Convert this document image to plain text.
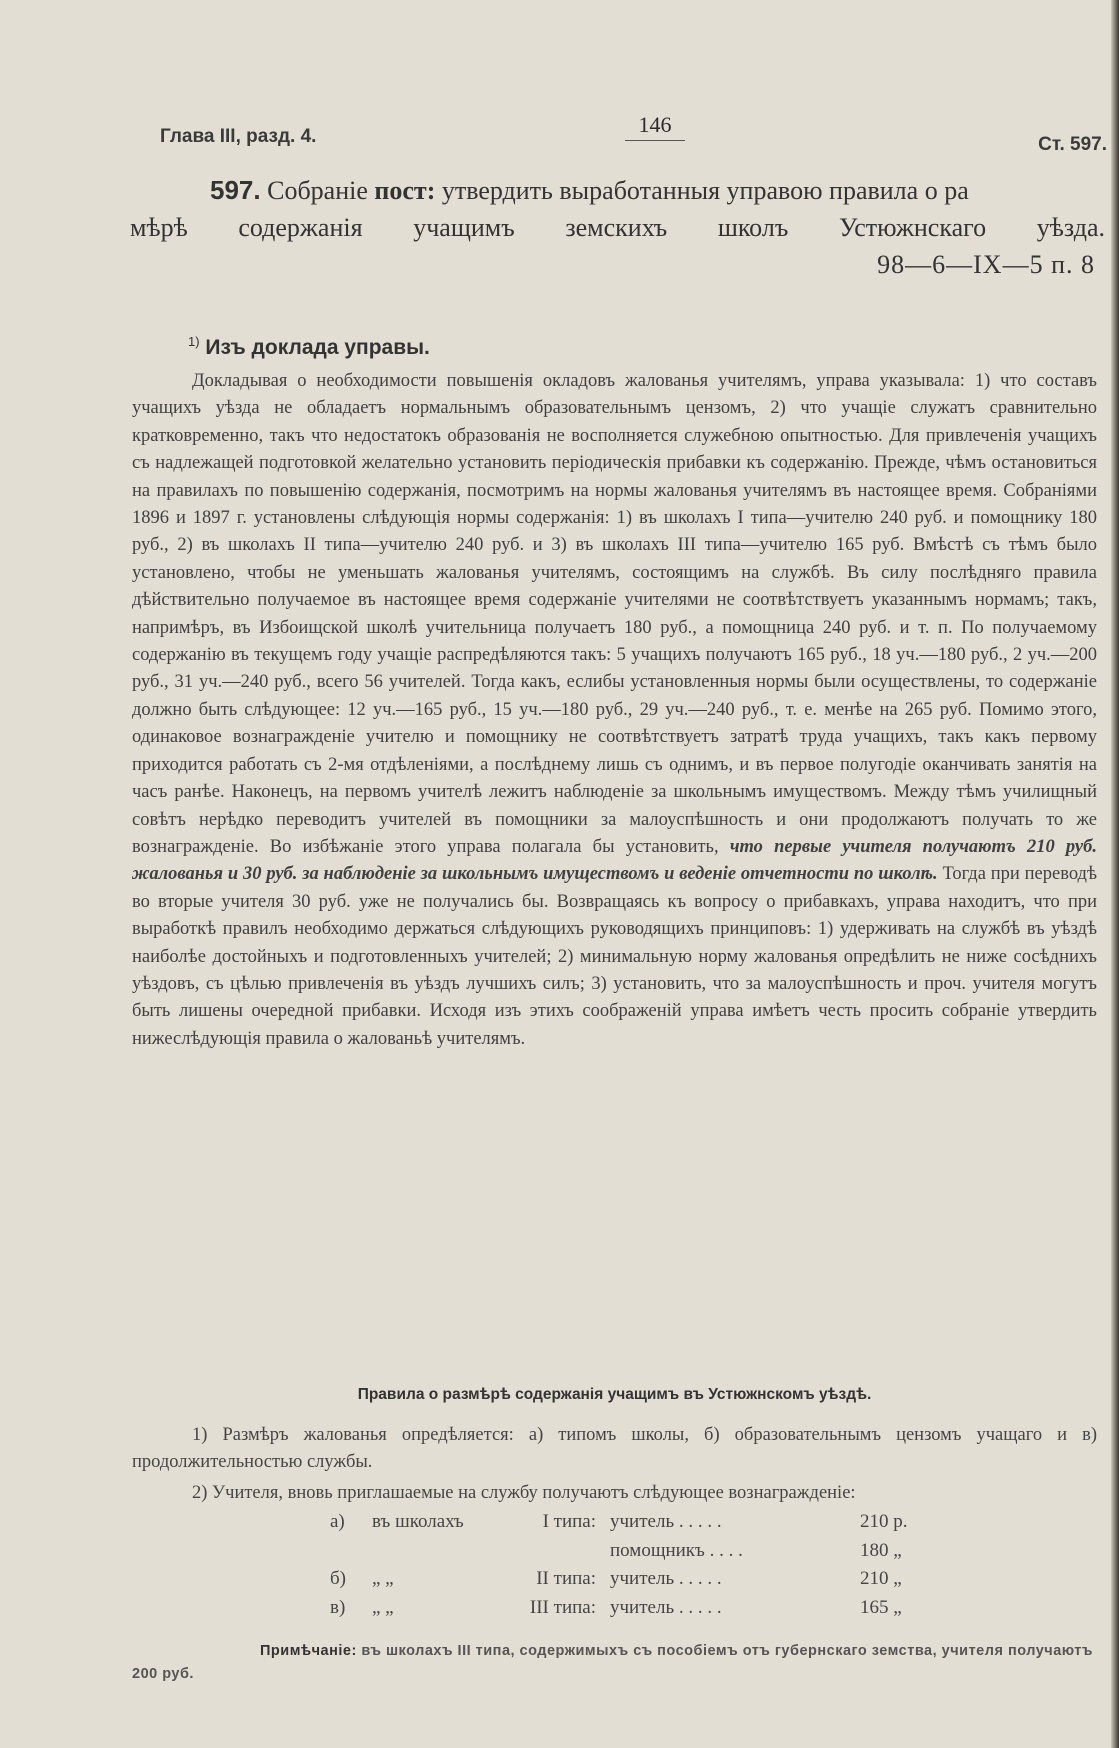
Глава III, разд. 4.	146
Ст. 597.
597. Собраніе пост: утвердить выработанныя управою правила о ра
мѣрѣ содержанія учащимъ земскихъ школъ Устюжнскаго уѣзда.
98—6—IX—5 п. 8
$^{1)}$ Изъ доклада управы.
Докладывая о необходимости повышенія окладовъ жалованья учителямъ, управа указывала: 1) что составъ учащихъ уѣзда не обладаетъ нормальнымъ образовательнымъ цензомъ, 2) что учащіе служатъ сравнительно кратковременно, такъ что недостатокъ образованія не восполняется служебною опытностью. Для привлеченія учащихъ съ надлежащей подготовкой желательно установить періодическія прибавки къ содержанію. Прежде, чѣмъ остановиться на правилахъ по повышенію содержанія, посмотримъ на нормы жалованья учителямъ въ настоящее время. Собраніями 1896 и 1897 г. установлены слѣдующія нормы содержанія: 1) въ школахъ I типа—учителю 240 руб. и помощнику 180 руб., 2) въ школахъ II типа—учителю 240 руб. и 3) въ школахъ III типа—учителю 165 руб. Вмѣстѣ съ тѣмъ было установлено, чтобы не уменьшать жалованья учителямъ, состоящимъ на службѣ. Въ силу послѣдняго правила дѣйствительно получаемое въ настоящее время содержаніе учителями не соотвѣтствуетъ указаннымъ нормамъ; такъ, напримѣръ, въ Избоищской школѣ учительница получаетъ 180 руб., а помощница 240 руб. и т. п. По получаемому содержанію въ текущемъ году учащіе распредѣляются такъ: 5 учащихъ получаютъ 165 руб., 18 уч.—180 руб., 2 уч.—200 руб., 31 уч.—240 руб., всего 56 учителей. Тогда какъ, еслибы установленныя нормы были осуществлены, то содержаніе должно быть слѣдующее: 12 уч.—165 руб., 15 уч.—180 руб., 29 уч.—240 руб., т. е. менѣе на 265 руб. Помимо этого, одинаковое вознагражденіе учителю и помощнику не соотвѣтствуетъ затратѣ труда учащихъ, такъ какъ первому приходится работать съ 2-мя отдѣленіями, а послѣднему лишь съ однимъ, и въ первое полугодіе оканчивать занятія на часъ ранѣе. Наконецъ, на первомъ учителѣ лежитъ наблюденіе за школьнымъ имуществомъ. Между тѣмъ училищный совѣтъ нерѣдко переводитъ учителей въ помощники за малоуспѣшность и они продолжаютъ получать то же вознагражденіе. Во избѣжаніе этого управа полагала бы установить, что первые учителя получаютъ 210 руб. жалованья и 30 руб. за наблюденіе за школьнымъ имуществомъ и веденіе отчетности по школѣ. Тогда при переводѣ во вторые учителя 30 руб. уже не получались бы. Возвращаясь къ вопросу о прибавкахъ, управа находитъ, что при выработкѣ правилъ необходимо держаться слѣдующихъ руководящихъ принциповъ: 1) удерживать на службѣ въ уѣздѣ наиболѣе достойныхъ и подготовленныхъ учителей; 2) минимальную норму жалованья опредѣлить не ниже сосѣднихъ уѣздовъ, съ цѣлью привлеченія въ уѣздъ лучшихъ силъ; 3) установить, что за малоуспѣшность и проч. учителя могутъ быть лишены очередной прибавки. Исходя изъ этихъ соображеній управа имѣетъ честь просить собраніе утвердить нижеслѣдующія правила о жалованьѣ учителямъ.
Правила о размѣрѣ содержанія учащимъ въ Устюжнскомъ уѣздѣ.
1) Размѣръ жалованья опредѣляется: а) типомъ школы, б) образовательнымъ цензомъ учащаго и в) продолжительностью службы.
2) Учителя, вновь приглашаемые на службу получаютъ слѣдующее вознагражденіе:
а) въ школахъ	I типа: учитель . . . . .	210 р.
помощникъ . . . .	180 „
б) „ „	II типа: учитель . . . . .	210 „
в) „ „	III типа: учитель . . . . .	165 „
Примѣчаніе: въ школахъ III типа, содержимыхъ съ пособіемъ отъ губернскаго земства, учителя получаютъ 200 руб.
